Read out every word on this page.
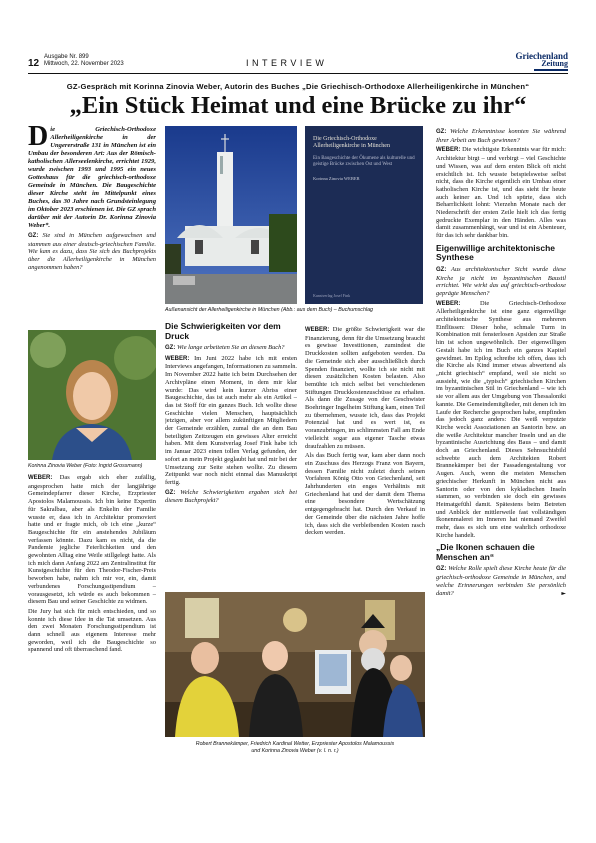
12
Ausgabe Nr. 899
Mittwoch, 22. November 2023	INTERVIEW
Griechenland
Zeitung
GZ-Gespräch mit Korinna Zinovia Weber, Autorin des Buches „Die Griechisch-Orthodoxe Allerheiligenkirche in München“
„Ein Stück Heimat und eine Brücke zu ihr“

Die Griechisch-Orthodoxe Allerheiligenkirche in der Ungererstraße 131 in München ist ein Umbau der besonderen Art: Aus der Römisch-katholischen Allerseelenkirche, errichtet 1929, wurde zwischen 1993 und 1995 ein neues Gotteshaus für die griechisch-orthodoxe Gemeinde in München. Die Baugeschichte dieser Kirche steht im Mittelpunkt eines Buches, das 30 Jahre nach Grundsteinlegung im Oktober 2023 erschienen ist. Die GZ sprach darüber mit der Autorin Dr. Korinna Zinovia Weber*.

GZ: Sie sind in München aufgewachsen und stammen aus einer deutsch-griechischen Familie. Wie kam es dazu, dass Sie sich des Buchprojekts über die Allerheiligenkirche in München angenommen haben?

Die Griechisch-Orthodoxe Allerheiligenkirche in München
Ein Baugeschichte der Ökumene als kulturelle und geistige Brücke zwischen Ost und West
Korinna Zinovia WEBER
Kunstverlag Josef Fink
Außenansicht der Allerheiligenkirche in München (Abb.: aus dem Buch) – Buchumschlag
Korinna Zinovia Weber (Foto: Ingrid Grossmann)

WEBER: Das ergab sich eher zufällig, angesprochen hatte mich der langjährige Gemeindepfarrer dieser Kirche, Erzpriester Apostolos Malamoussis. Ich bin keine Expertin für Sakralbau, aber als Enkelin der Familie wusste er, dass ich in Architektur promoviert hatte und er fragte mich, ob ich eine „kurze“ Baugeschichte für ein anstehendes Jubiläum verfassen könnte. Dazu kam es nicht, da die Pandemie jegliche Feierlichkeiten und den gewohnten Alltag eine Weile stillgelegt hatte. Als ich mich dann Anfang 2022 am Zentralinstitut für Kunstgeschichte für den Theodor-Fischer-Preis beworben habe, nahm ich mir vor, ein, damit verbundenes Forschungsstipendium – vorausgesetzt, ich würde es auch bekommen – diesem Bau und seiner Geschichte zu widmen.

Die Jury hat sich für mich entschieden, und so konnte ich diese Idee in die Tat umsetzen. Aus den zwei Monaten Forschungsstipendium ist dann schnell aus eigenem Interesse mehr geworden, weil ich die Baugeschichte so spannend und oft überraschend fand.

Die Schwierigkeiten vor dem Druck

GZ: Wie lange arbeiteten Sie an diesem Buch?

WEBER: Im Juni 2022 habe ich mit ersten Interviews angefangen, Informationen zu sammeln. Im November 2022 hatte ich beim Durchsehen der Archivpläne einen Moment, in dem mir klar wurde: Das wird kein kurzer Abriss einer Baugeschichte, das ist auch mehr als ein Artikel – das ist Stoff für ein ganzes Buch. Ich wollte diese Geschichte vielen Menschen, hauptsächlich jetzigen, aber vor allem zukünftigen Mitgliedern der Gemeinde erzählen, zumal die an dem Bau beteiligten Zeitzeugen ein gewisses Alter erreicht haben. Mit dem Kunstverlag Josef Fink habe ich im Januar 2023 einen tollen Verlag gefunden, der sofort an mein Projekt geglaubt hat und mir bei der Umsetzung zur Seite stehen wollte. Zu diesem Zeitpunkt war noch nicht einmal das Manuskript fertig.

GZ: Welche Schwierigkeiten ergaben sich bei diesem Buchprojekt?

WEBER: Die größte Schwierigkeit war die Finanzierung, denn für die Umsetzung braucht es gewisse Investitionen, zumindest die Druckkosten sollten aufgeboten werden. Da die Gemeinde sich aber ausschließlich durch Spenden finanziert, wollte ich sie nicht mit diesen zusätzlichen Kosten belasten. Also bemühte ich mich selbst bei verschiedenen Stiftungen Druckkostenzuschüsse zu erhalten. Als dann die Zusage von der Geschwister Boehringer Ingelheim Stiftung kam, einen Teil zu übernehmen, wusste ich, dass das Projekt Potenzial hat und es wert ist, es voranzubringen, im schlimmsten Fall am Ende vielleicht sogar aus eigener Tasche etwas draufzahlen zu müssen.

Als das Buch fertig war, kam aber dann noch ein Zuschuss des Herzogs Franz von Bayern, dessen Familie nicht zuletzt durch seinen Vorfahren König Otto von Griechenland, seit Jahrhunderten ein enges Verhältnis mit Griechenland hat und der damit dem Thema eine besondere Wertschätzung entgegengebracht hat. Durch den Verkauf in der Gemeinde über die nächsten Jahre hoffe ich, dass sich die verbleibenden Kosten rasch decken werden.

Robert Brannekämper, Friedrich Kardinal Wetter, Erzpriester Apostolos Malamoussis
und Korinna Zinovia Weber (v. l. n. r.)

GZ: Welche Erkenntnisse konnten Sie während Ihrer Arbeit am Buch gewinnen?

WEBER: Die wichtigste Erkenntnis war für mich: Architektur birgt – und verbirgt – viel Geschichte und Wissen, was auf dem ersten Blick oft nicht ersichtlich ist. Ich wusste beispielsweise selbst nicht, dass die Kirche eigentlich ein Umbau einer katholischen Kirche ist, und das sieht ihr heute auch keiner an. Und ich spürte, dass sich Beharrlichkeit lohnt: Vierzehn Monate nach der Niederschrift der ersten Zeile hielt ich das fertig gedruckte Exemplar in den Händen. Alles was damit zusammenhängt, war und ist ein Abenteuer, für das ich sehr dankbar bin.

Eigenwillige architektonische Synthese

GZ: Aus architektonischer Sicht wurde diese Kirche ja nicht im byzantinischen Baustil errichtet. Wie wirkt das auf griechisch-orthodoxe geprägte Menschen?

WEBER:	Die Griechisch-Orthodoxe Allerheiligenkirche ist eine ganz eigenwillige architektonische Synthese aus mehreren Einflüssen: Dieser hohe, schmale Turm in Kombination mit fensterlosen Apsiden zur Straße hin ist schon ungewöhnlich. Der eigenwilligen Gestalt habe ich im Buch ein ganzes Kapitel gewidmet. Im Epilog schreibe ich offen, dass ich die Kirche als Kind immer etwas abwertend als „nicht griechisch“ empfand, weil sie nicht so aussieht, wie die „typisch“ griechischen Kirchen im byzantinischen Stil in Griechenland – wie ich sie vor allem aus der Umgebung von Thessaloniki kannte. Die Gemeindemitglieder, mit denen ich im Laufe der Recherche gesprochen habe, empfinden das jedoch ganz anders: Die weiß verputzte Kirche weckt Assoziationen an Santorin bzw. an die weiße Architektur mancher Inseln und an die byzantinische Ausrichtung des Baus – und damit doch an Griechenland. Dieses Sehnsuchtsbild schwebte auch dem Architekten Robert Brannekämper bei der Fassadengestaltung vor Augen. Auch, wenn die meisten Menschen griechischer Herkunft in München nicht aus Santorin oder von den kykladischen Inseln stammen, so verbinden sie doch ein gewisses Heimatgefühl damit. Spätestens beim Betreten und Anblick der mittlerweile fast vollständigen Ikonenmalerei im Inneren hat niemand Zweifel mehr, dass es sich um eine wahrlich orthodoxe Kirche handelt.

„Die Ikonen schauen die Menschen an“

GZ: Welche Rolle spielt diese Kirche heute für die griechisch-orthodoxe Gemeinde in München, und welche Erinnerungen verbinden Sie persönlich damit?	►
